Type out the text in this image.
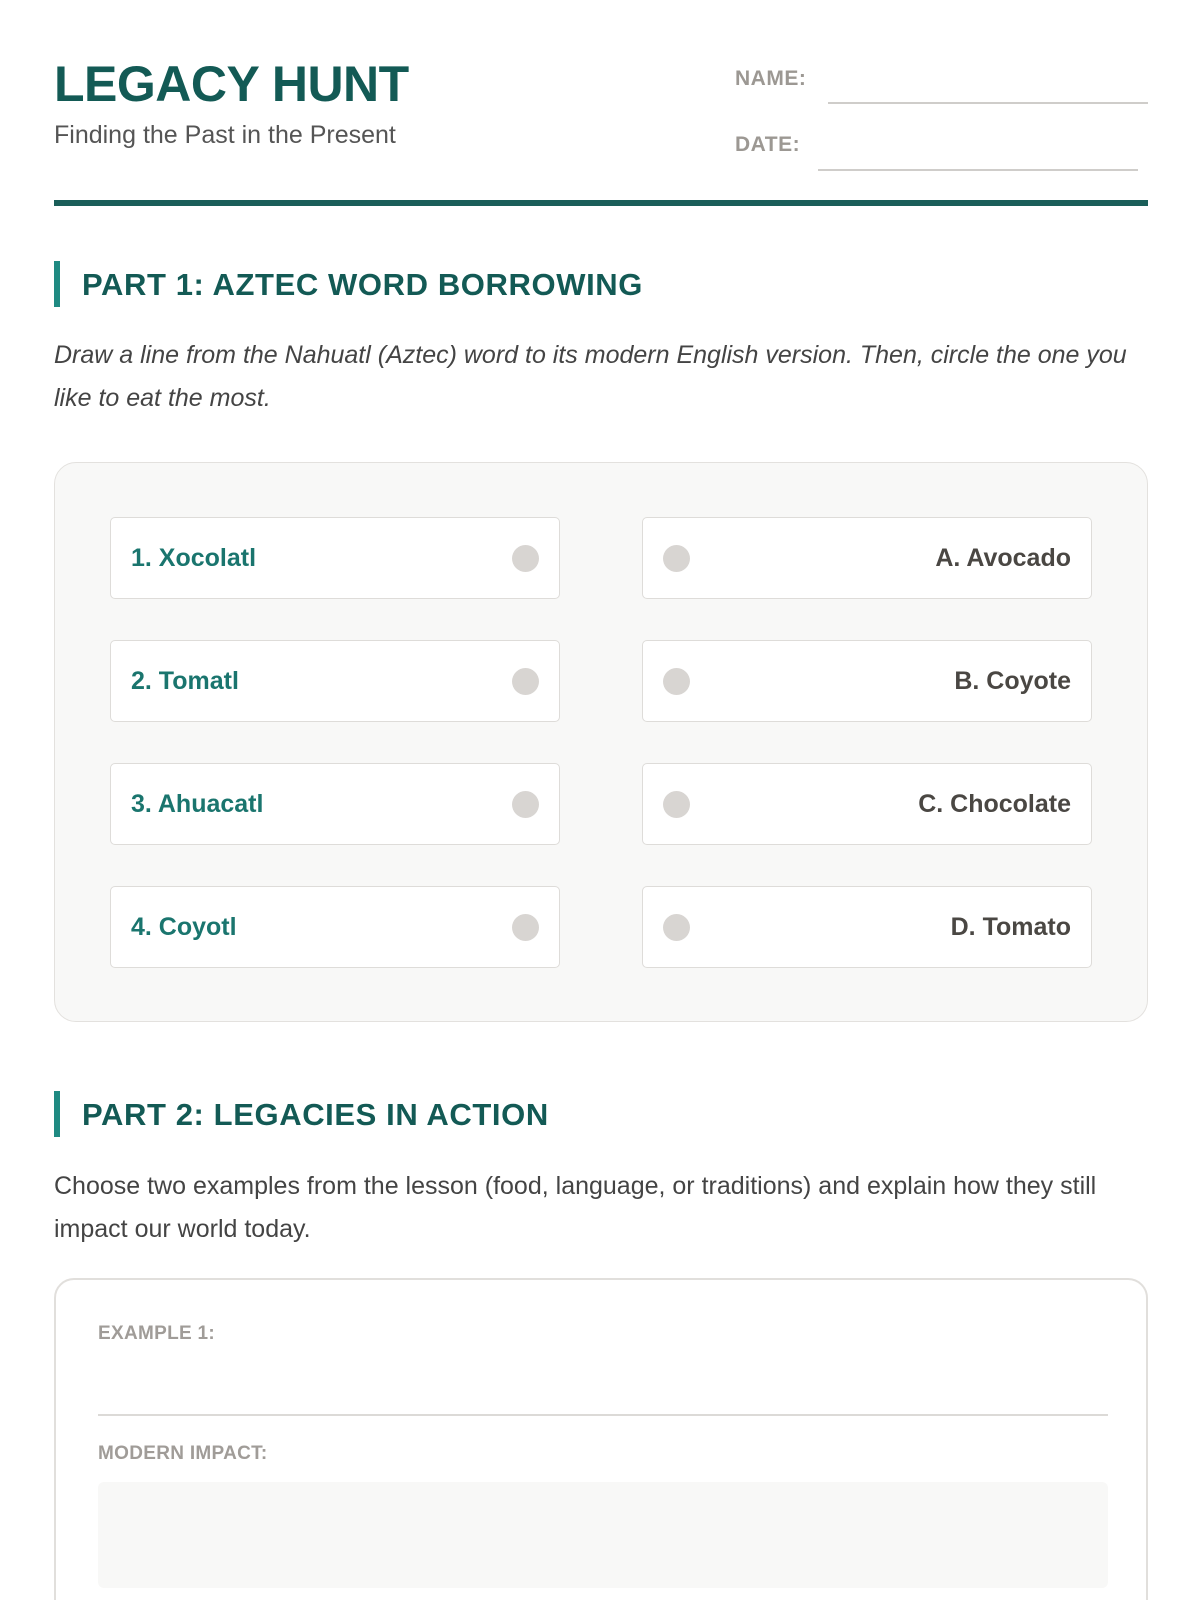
LEGACY HUNT
Finding the Past in the Present
NAME:
DATE:
PART 1: AZTEC WORD BORROWING
Draw a line from the Nahuatl (Aztec) word to its modern English version. Then, circle the one you like to eat the most.
1. Xocolatl	A. Avocado
2. Tomatl	B. Coyote
3. Ahuacatl	C. Chocolate
4. Coyotl	D. Tomato
PART 2: LEGACIES IN ACTION
Choose two examples from the lesson (food, language, or traditions) and explain how they still impact our world today.
EXAMPLE 1:
MODERN IMPACT:
